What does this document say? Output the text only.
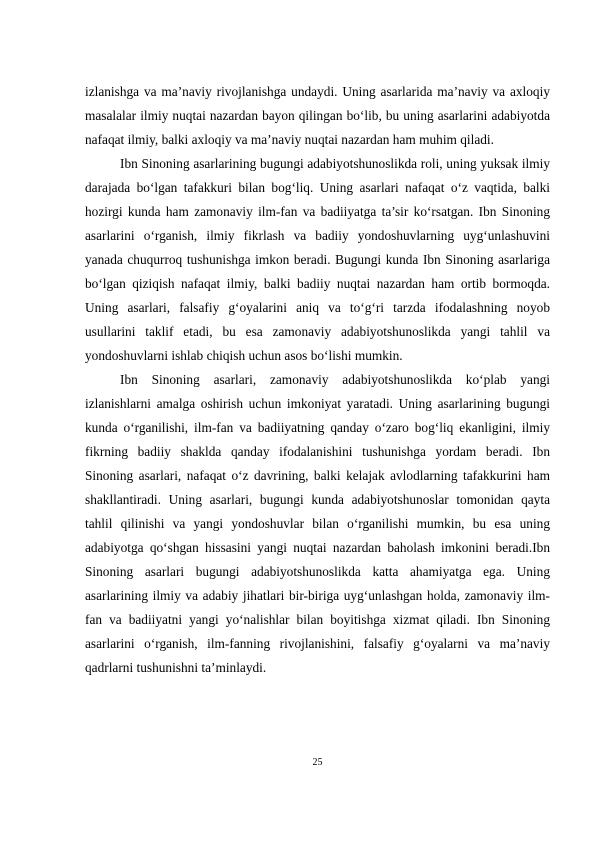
izlanishga va ma’naviy rivojlanishga undaydi. Uning asarlarida ma’naviy va axloqiy masalalar ilmiy nuqtai nazardan bayon qilingan bo‘lib, bu uning asarlarini adabiyotda nafaqat ilmiy, balki axloqiy va ma’naviy nuqtai nazardan ham muhim qiladi.

Ibn Sinoning asarlarining bugungi adabiyotshunoslikda roli, uning yuksak ilmiy darajada bo‘lgan tafakkuri bilan bog‘liq. Uning asarlari nafaqat o‘z vaqtida, balki hozirgi kunda ham zamonaviy ilm-fan va badiiyatga ta’sir ko‘rsatgan. Ibn Sinoning asarlarini o‘rganish, ilmiy fikrlash va badiiy yondoshuvlarning uyg‘unlashuvini yanada chuqurroq tushunishga imkon beradi. Bugungi kunda Ibn Sinoning asarlariga bo‘lgan qiziqish nafaqat ilmiy, balki badiiy nuqtai nazardan ham ortib bormoqda. Uning asarlari, falsafiy g‘oyalarini aniq va to‘g‘ri tarzda ifodalashning noyob usullarini taklif etadi, bu esa zamonaviy adabiyotshunoslikda yangi tahlil va yondoshuvlarni ishlab chiqish uchun asos bo‘lishi mumkin.

Ibn Sinoning asarlari, zamonaviy adabiyotshunoslikda ko‘plab yangi izlanishlarni amalga oshirish uchun imkoniyat yaratadi. Uning asarlarining bugungi kunda o‘rganilishi, ilm-fan va badiiyatning qanday o‘zaro bog‘liq ekanligini, ilmiy fikrning badiiy shaklda qanday ifodalanishini tushunishga yordam beradi. Ibn Sinoning asarlari, nafaqat o‘z davrining, balki kelajak avlodlarning tafakkurini ham shakllantiradi. Uning asarlari, bugungi kunda adabiyotshunoslar tomonidan qayta tahlil qilinishi va yangi yondoshuvlar bilan o‘rganilishi mumkin, bu esa uning adabiyotga qo‘shgan hissasini yangi nuqtai nazardan baholash imkonini beradi.Ibn Sinoning asarlari bugungi adabiyotshunoslikda katta ahamiyatga ega. Uning asarlarining ilmiy va adabiy jihatlari bir-biriga uyg‘unlashgan holda, zamonaviy ilm-fan va badiiyatni yangi yo‘nalishlar bilan boyitishga xizmat qiladi. Ibn Sinoning asarlarini o‘rganish, ilm-fanning rivojlanishini, falsafiy g‘oyalarni va ma’naviy qadrlarni tushunishni ta’minlaydi.

25
